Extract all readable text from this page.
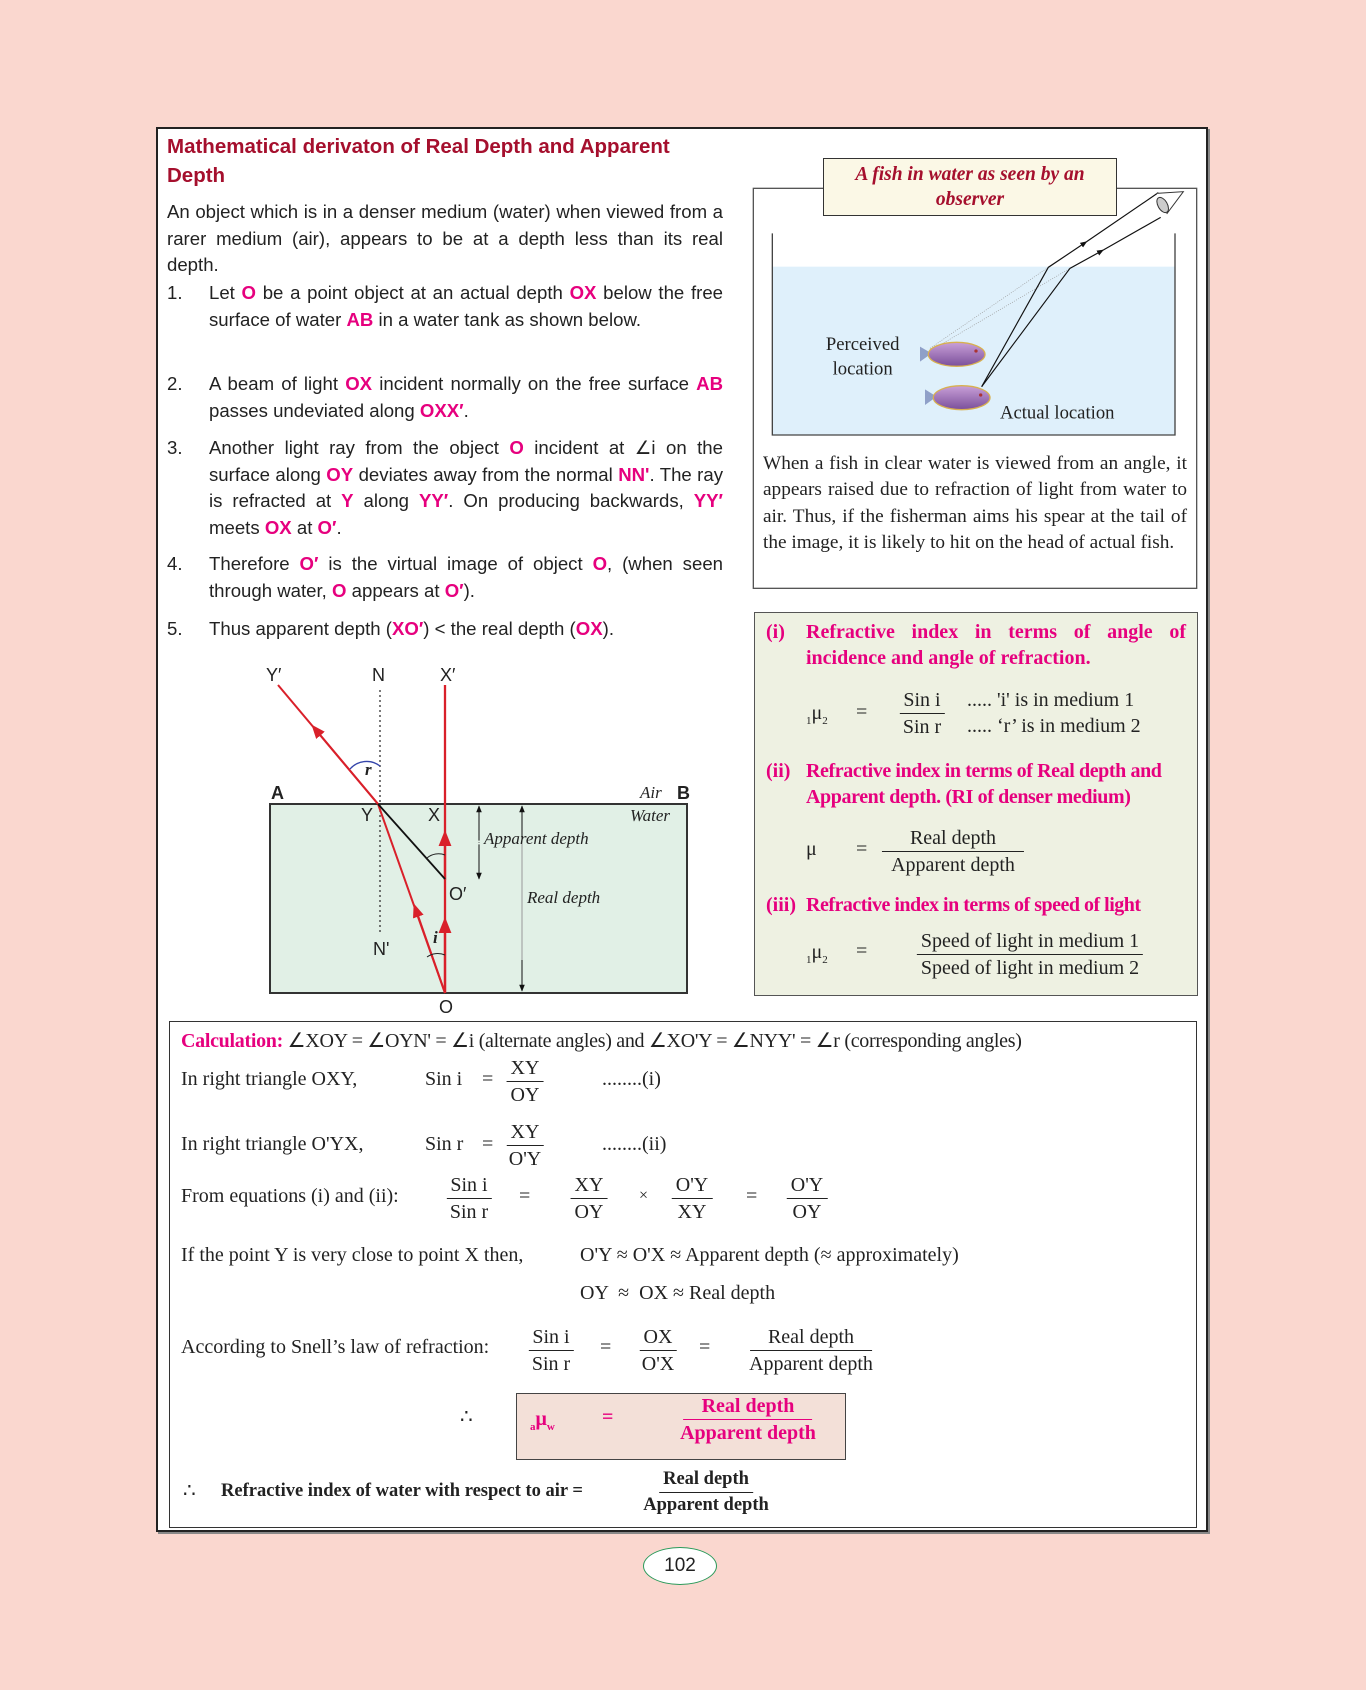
Mathematical derivaton of Real Depth and Apparent Depth
An object which is in a denser medium (water) when viewed from a rarer medium (air), appears to be at a depth less than its real depth.
1. Let O be a point object at an actual depth OX below the free surface of water AB in a water tank as shown below.
2. A beam of light OX incident normally on the free surface AB passes undeviated along OXX′.
3. Another light ray from the object O incident at ∠i on the surface along OY deviates away from the normal NN'. The ray is refracted at Y along YY′. On producing backwards, YY′ meets OX at O′.
4. Therefore O′ is the virtual image of object O, (when seen through water, O appears at O′).
5. Thus apparent depth (XO′) < the real depth (OX).
Y′	N	X′
A	B
Y	X
O′
N'
O
Air
Water
Apparent depth
Real depth
i
r
Perceived
location
Actual location
A fish in water as seen by an observer
When a fish in clear water is viewed from an angle, it appears raised due to refraction of light from water to air. Thus, if the fisherman aims his spear at the tail of the image, it is likely to hit on the head of actual fish.
(i) Refractive index in terms of angle of incidence and angle of refraction.
$_1\mu_2$ =
Sin i
Sin r
..... 'i' is in medium 1
..... ‘r’ is in medium 2
(ii) Refractive index in terms of Real depth and Apparent depth. (RI of denser medium)
μ =	Real depth
Apparent depth
(iii) Refractive index in terms of speed of light
$_1\mu_2$ =	Speed of light in medium 1
Speed of light in medium 2
Calculation: ∠XOY = ∠OYN' = ∠i (alternate angles) and ∠XO'Y = ∠NYY' = ∠r (corresponding angles)
In right triangle OXY,	Sin $i = \frac{XY}{OY}$	........(i)
In right triangle O'YX,	Sin $r = \frac{XY}{O'Y}$	........(ii)
From equations (i) and (ii):	Sin i
Sin r
= $\frac{XY}{OY} \times \frac{O'Y}{XY} = \frac{O'Y}{OY}$
If the point Y is very close to point X then,	O'Y ≈ O'X ≈ Apparent depth (≈ approximately)
OY  ≈  OX ≈ Real depth
According to Snell’s law of refraction: Sin i
Sin r
= $\frac{OX}{O'X}$ =	Real depth
Apparent depth
∴	$_a\mu_w$ =	Real depth
Apparent depth
∴ Refractive index of water with respect to air =
Real depth
Apparent depth
102
